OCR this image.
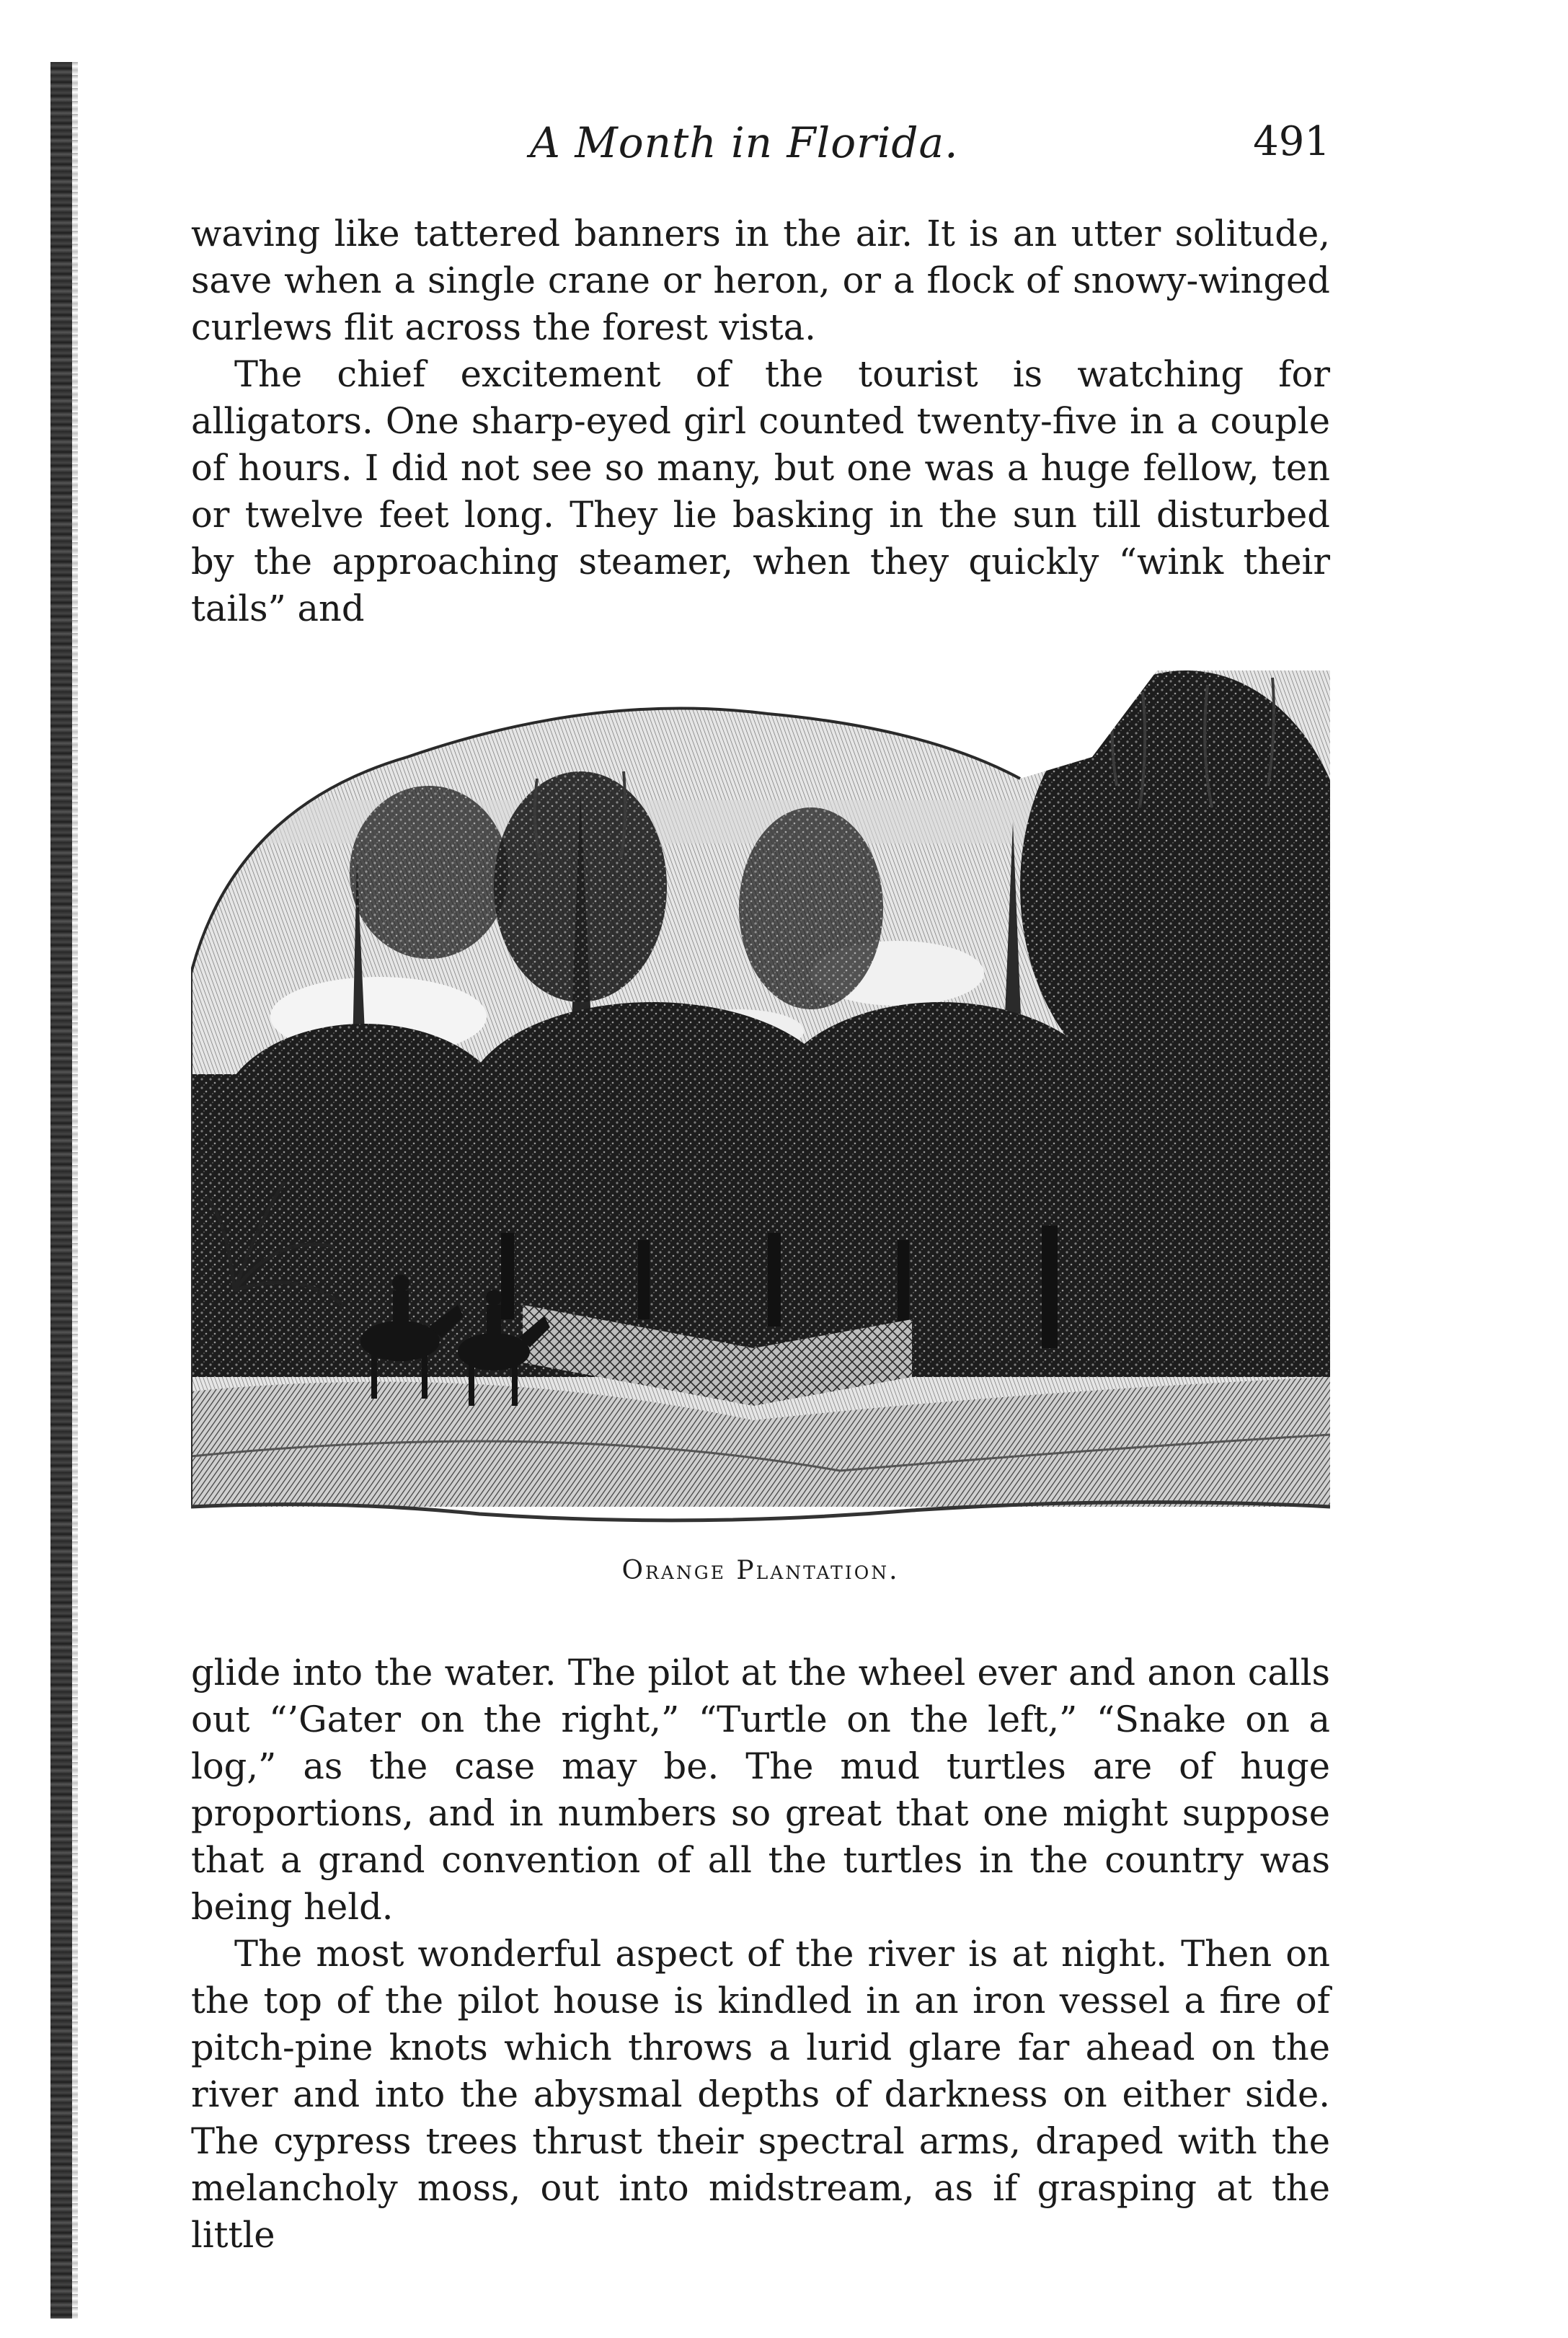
A Month in Florida.	491

waving like tattered banners in the air. It is an utter solitude, save when a single crane or heron, or a flock of snowy-winged curlews flit across the forest vista.

The chief excitement of the tourist is watching for alligators. One sharp-eyed girl counted twenty-five in a couple of hours. I did not see so many, but one was a huge fellow, ten or twelve feet long. They lie basking in the sun till disturbed by the approaching steamer, when they quickly “wink their tails” and

Orange Plantation.

glide into the water. The pilot at the wheel ever and anon calls out “’Gater on the right,” “Turtle on the left,” “Snake on a log,” as the case may be. The mud turtles are of huge proportions, and in numbers so great that one might suppose that a grand convention of all the turtles in the country was being held.

The most wonderful aspect of the river is at night. Then on the top of the pilot house is kindled in an iron vessel a fire of pitch-pine knots which throws a lurid glare far ahead on the river and into the abysmal depths of darkness on either side. The cypress trees thrust their spectral arms, draped with the melancholy moss, out into midstream, as if grasping at the little
